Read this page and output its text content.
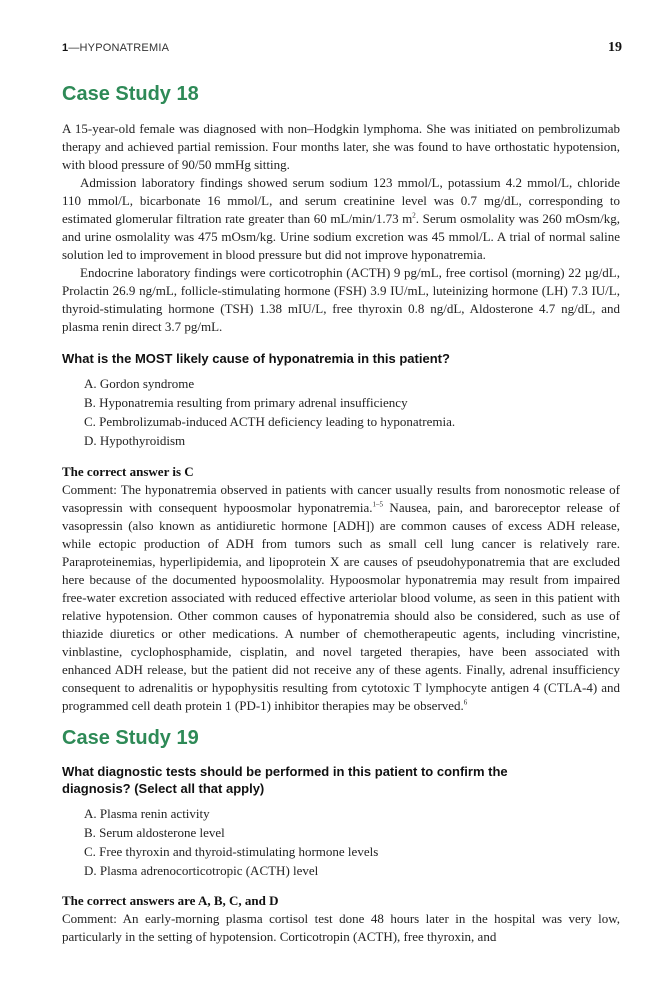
1—HYPONATREMIA	19
Case Study 18

A 15-year-old female was diagnosed with non–Hodgkin lymphoma. She was initiated on pembrolizumab therapy and achieved partial remission. Four months later, she was found to have orthostatic hypotension, with blood pressure of 90/50 mmHg sitting.

Admission laboratory findings showed serum sodium 123 mmol/L, potassium 4.2 mmol/L, chloride 110 mmol/L, bicarbonate 16 mmol/L, and serum creatinine level was 0.7 mg/dL, corresponding to estimated glomerular filtration rate greater than 60 mL/min/1.73 $m^2$. Serum osmolality was 260 mOsm/kg, and urine osmolality was 475 mOsm/kg. Urine sodium excretion was 45 mmol/L. A trial of normal saline solution led to improvement in blood pressure but did not improve hyponatremia.

Endocrine laboratory findings were corticotrophin (ACTH) 9 pg/mL, free cortisol (morning) 22 µg/dL, Prolactin 26.9 ng/mL, follicle-stimulating hormone (FSH) 3.9 IU/mL, luteinizing hormone (LH) 7.3 IU/L, thyroid-stimulating hormone (TSH) 1.38 mIU/L, free thyroxin 0.8 ng/dL, Aldosterone 4.7 ng/dL, and plasma renin direct 3.7 pg/mL.

What is the MOST likely cause of hyponatremia in this patient?
A. Gordon syndrome
B. Hyponatremia resulting from primary adrenal insufficiency
C. Pembrolizumab-induced ACTH deficiency leading to hyponatremia.
D. Hypothyroidism
The correct answer is C

Comment: The hyponatremia observed in patients with cancer usually results from nonosmotic release of vasopressin with consequent hypoosmolar hyponatremia.$^{1-5}$ Nausea, pain, and baroreceptor release of vasopressin (also known as antidiuretic hormone [ADH]) are common causes of excess ADH release, while ectopic production of ADH from tumors such as small cell lung cancer is relatively rare. Paraproteinemias, hyperlipidemia, and lipoprotein X are causes of pseudohyponatremia that are excluded here because of the documented hypoosmolality. Hypoosmolar hyponatremia may result from impaired free-water excretion associated with reduced effective arteriolar blood volume, as seen in this patient with relative hypotension. Other common causes of hyponatremia should also be considered, such as use of thiazide diuretics or other medications. A number of chemotherapeutic agents, including vincristine, vinblastine, cyclophosphamide, cisplatin, and novel targeted therapies, have been associated with enhanced ADH release, but the patient did not receive any of these agents. Finally, adrenal insufficiency consequent to adrenalitis or hypophysitis resulting from cytotoxic T lymphocyte antigen 4 (CTLA-4) and programmed cell death protein 1 (PD-1) inhibitor therapies may be observed.$^6$

Case Study 19
What diagnostic tests should be performed in this patient to confirm the diagnosis? (Select all that apply)
A. Plasma renin activity
B. Serum aldosterone level
C. Free thyroxin and thyroid-stimulating hormone levels
D. Plasma adrenocorticotropic (ACTH) level
The correct answers are A, B, C, and D

Comment: An early-morning plasma cortisol test done 48 hours later in the hospital was very low, particularly in the setting of hypotension. Corticotropin (ACTH), free thyroxin, and
